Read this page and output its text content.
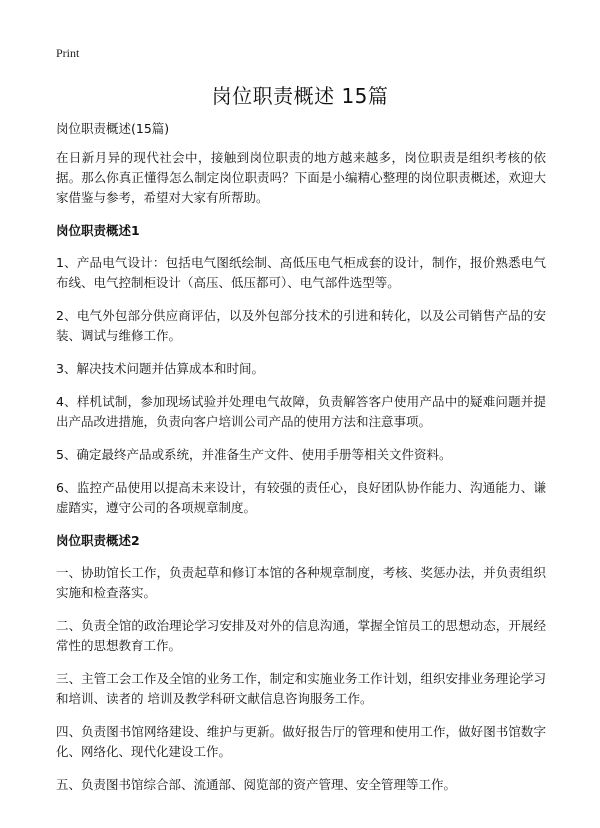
Print
岗位职责概述 15篇

岗位职责概述(15篇)

在日新月异的现代社会中，接触到岗位职责的地方越来越多，岗位职责是组织考核的依据。那么你真正懂得怎么制定岗位职责吗？下面是小编精心整理的岗位职责概述，欢迎大家借鉴与参考，希望对大家有所帮助。

岗位职责概述1

1、产品电气设计：包括电气图纸绘制、高低压电气柜成套的设计，制作，报价熟悉电气布线、电气控制柜设计（高压、低压都可）、电气部件选型等。

2、电气外包部分供应商评估，以及外包部分技术的引进和转化，以及公司销售产品的安装、调试与维修工作。

3、解决技术问题并估算成本和时间。

4、样机试制，参加现场试验并处理电气故障，负责解答客户使用产品中的疑难问题并提出产品改进措施，负责向客户培训公司产品的使用方法和注意事项。

5、确定最终产品或系统，并准备生产文件、使用手册等相关文件资料。

6、监控产品使用以提高未来设计，有较强的责任心，良好团队协作能力、沟通能力、谦虚踏实，遵守公司的各项规章制度。

岗位职责概述2

一、协助馆长工作，负责起草和修订本馆的各种规章制度，考核、奖惩办法，并负责组织实施和检查落实。

二、负责全馆的政治理论学习安排及对外的信息沟通，掌握全馆员工的思想动态，开展经常性的思想教育工作。

三、主管工会工作及全馆的业务工作，制定和实施业务工作计划，组织安排业务理论学习和培训、读者的 培训及教学科研文献信息咨询服务工作。

四、负责图书馆网络建设、维护与更新。做好报告厅的管理和使用工作，做好图书馆数字化、网络化、现代化建设工作。

五、负责图书馆综合部、流通部、阅览部的资产管理、安全管理等工作。
